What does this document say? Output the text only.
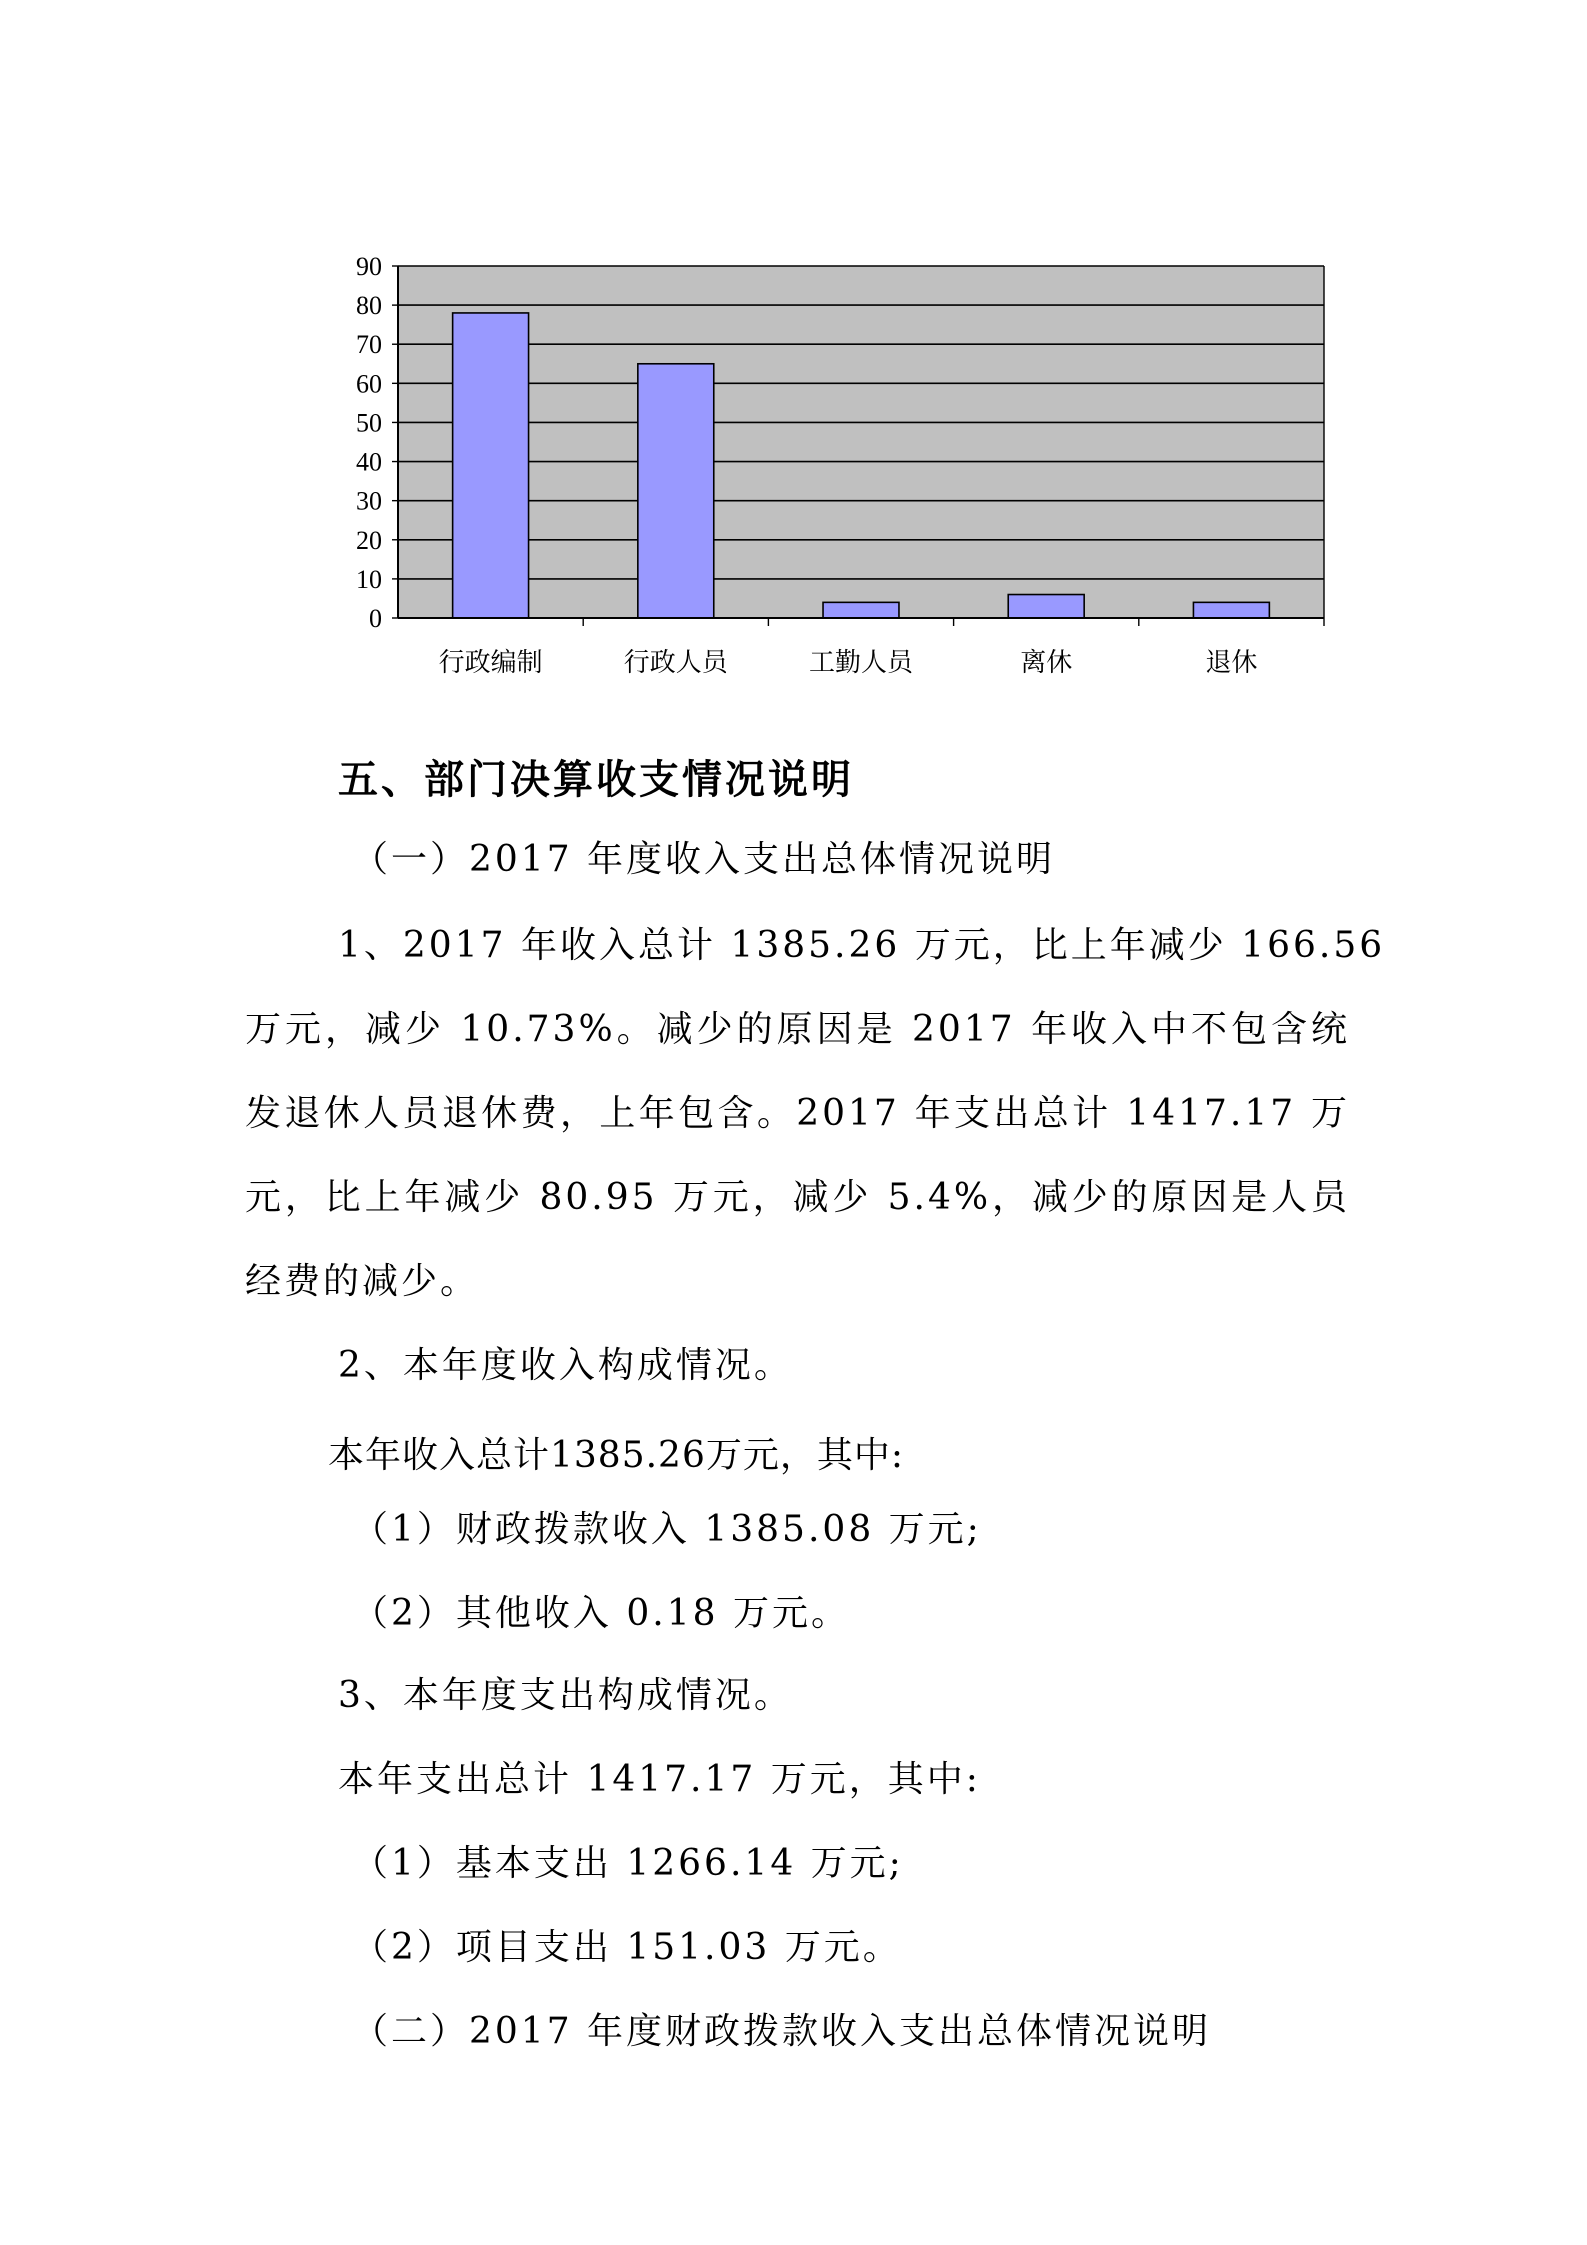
0
10
20
30
40
50
60
70
80
90
行政编制	行政人员	工勤人员	离休	退休
五、部门决算收支情况说明
（一）2017 年度收入支出总体情况说明
1、2017 年收入总计 1385.26 万元，比上年减少 166.56
万元，减少 10.73%。减少的原因是 2017 年收入中不包含统
发退休人员退休费，上年包含。2017 年支出总计 1417.17 万
元，比上年减少 80.95 万元，减少 5.4%，减少的原因是人员
经费的减少。
2、本年度收入构成情况。
本年收入总计1385.26万元，其中:
（1）财政拨款收入 1385.08 万元;
（2）其他收入 0.18 万元。
3、本年度支出构成情况。
本年支出总计 1417.17 万元，其中:
（1）基本支出 1266.14 万元;
（2）项目支出 151.03 万元。
（二）2017 年度财政拨款收入支出总体情况说明
